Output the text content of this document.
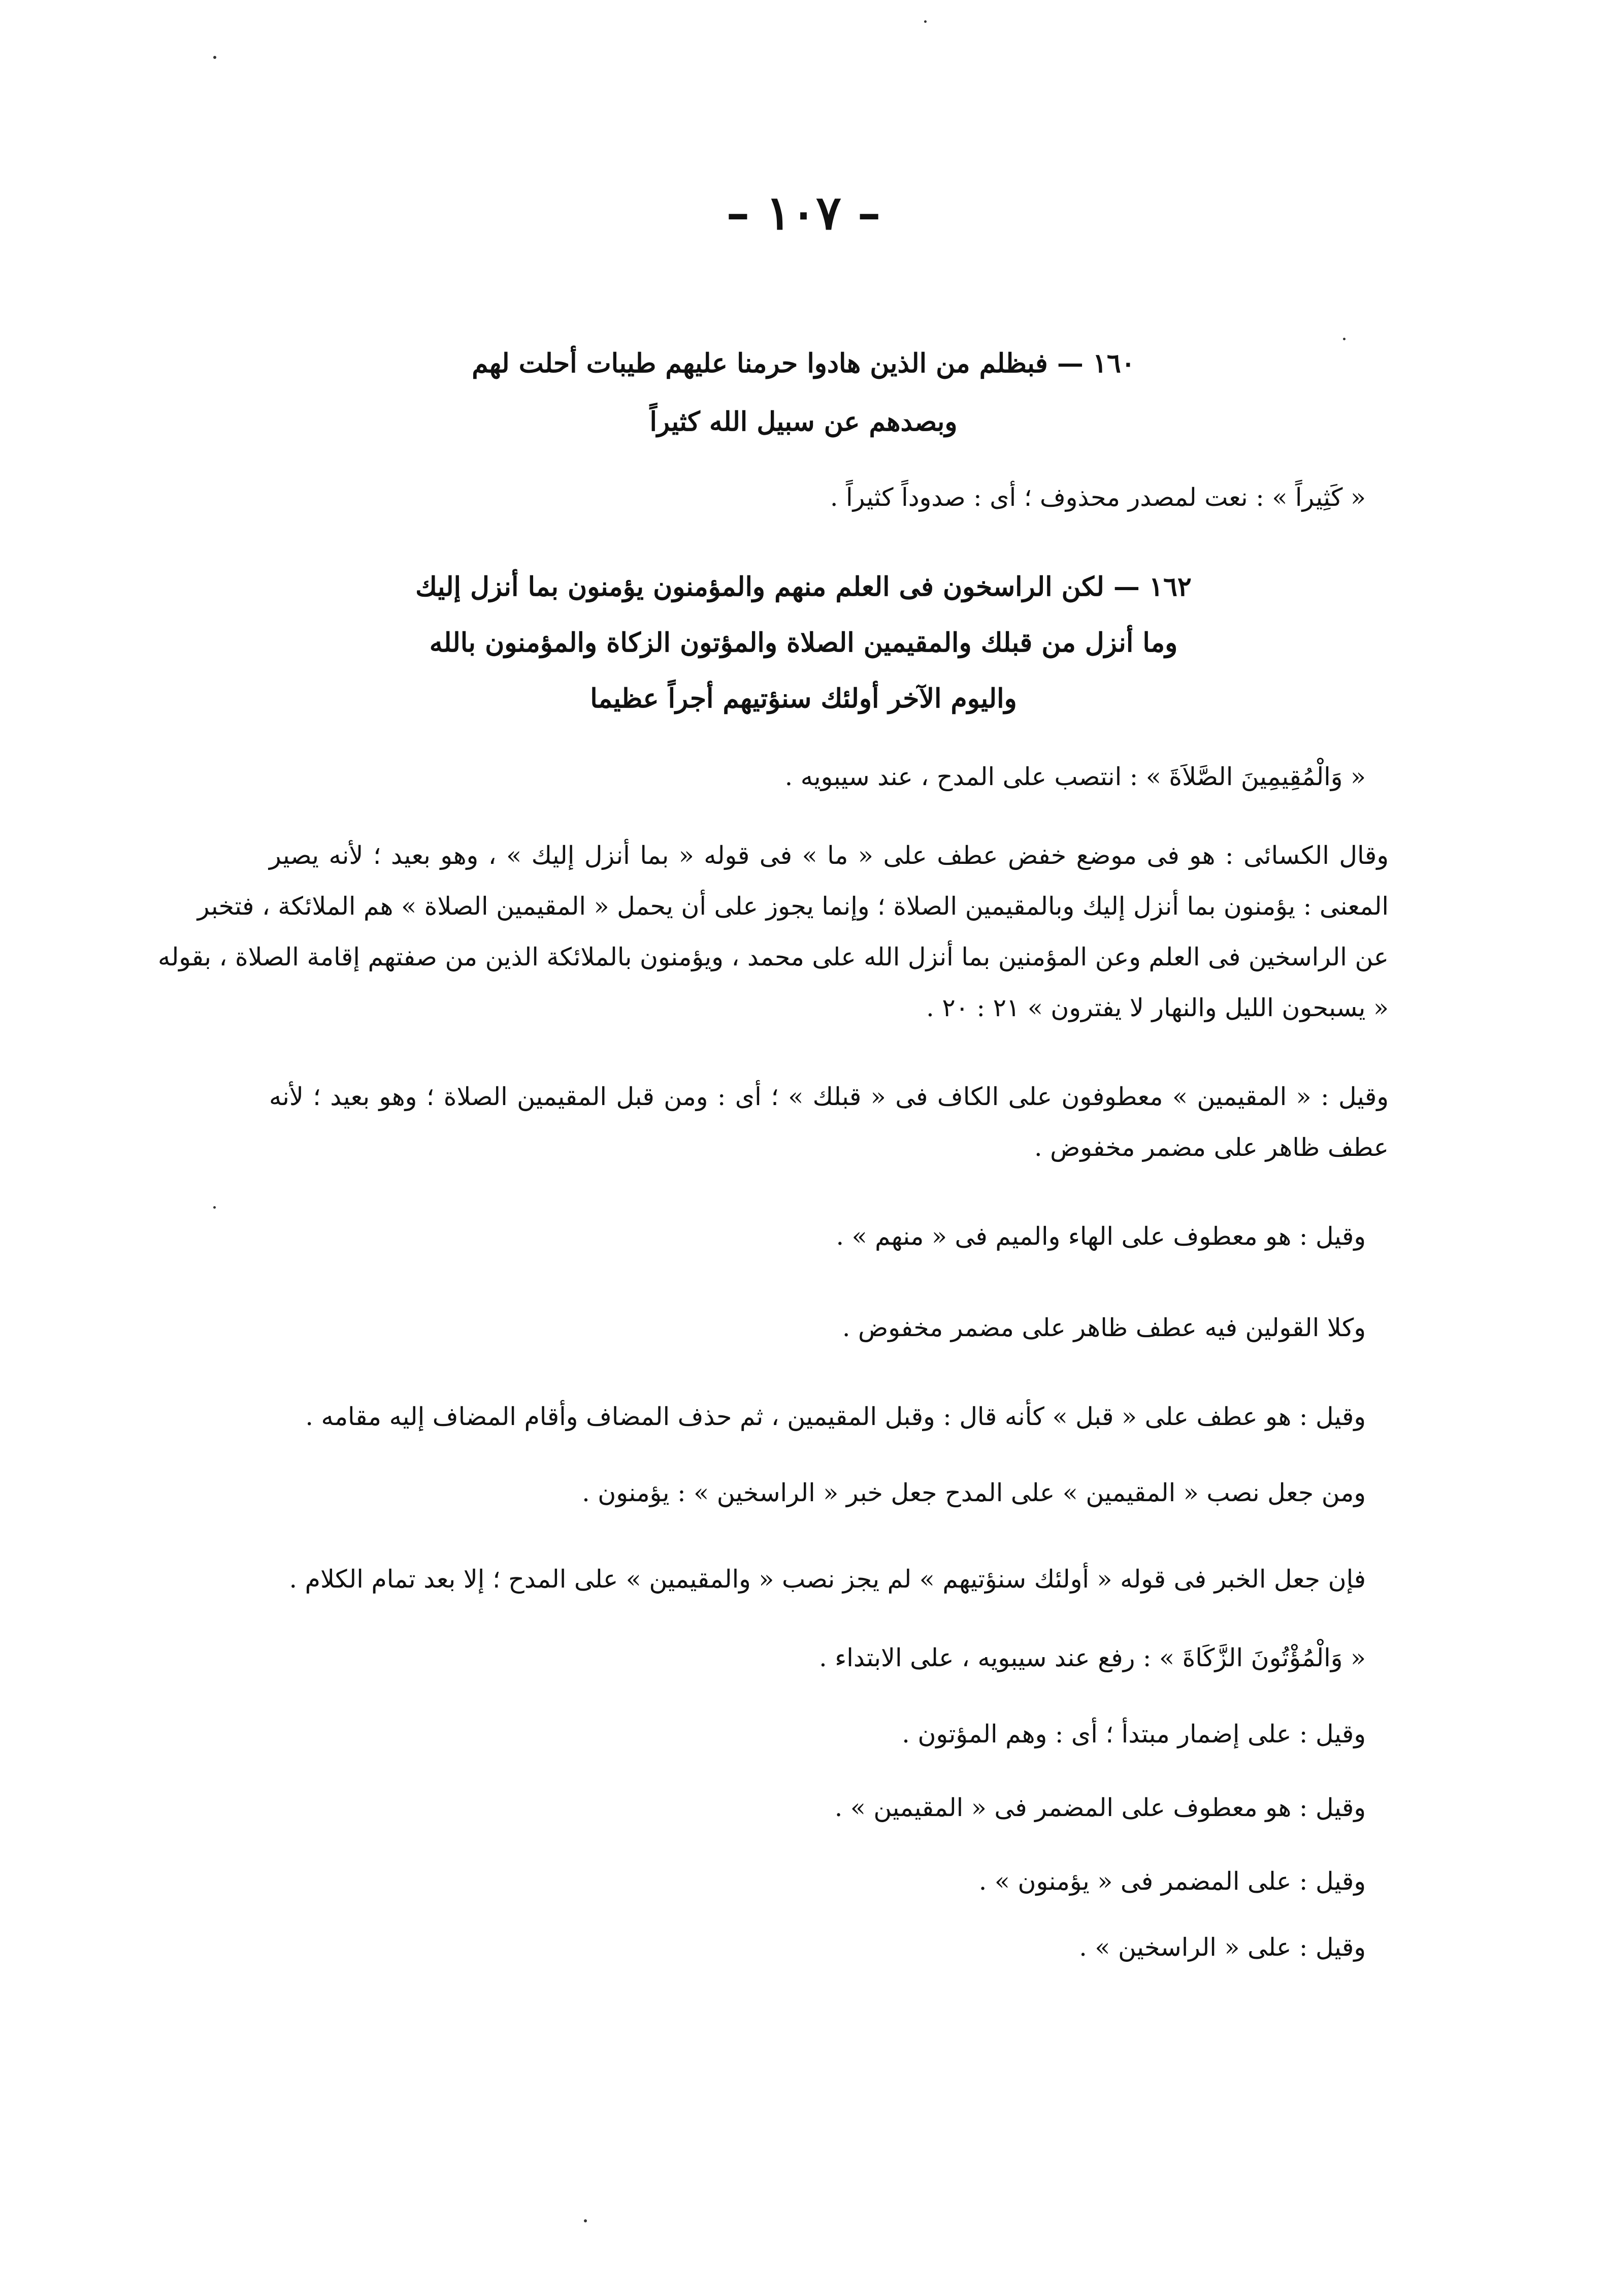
– ١٠٧ –
١٦٠ — فبظلم من الذين هادوا حرمنا عليهم طيبات أحلت لهم
وبصدهم عن سبيل الله كثيراً
« كَثِيراً » : نعت لمصدر محذوف ؛ أى : صدوداً كثيراً .
١٦٢ — لكن الراسخون فى العلم منهم والمؤمنون يؤمنون بما أنزل إليك
وما أنزل من قبلك والمقيمين الصلاة والمؤتون الزكاة والمؤمنون بالله
واليوم الآخر أولئك سنؤتيهم أجراً عظيما
« وَالْمُقِيمِينَ الصَّلاَةَ » : انتصب على المدح ، عند سيبويه .
وقال الكسائى : هو فى موضع خفض عطف على « ما » فى قوله « بما أنزل إليك » ، وهو بعيد ؛ لأنه يصير
المعنى : يؤمنون بما أنزل إليك وبالمقيمين الصلاة ؛ وإنما يجوز على أن يحمل « المقيمين الصلاة » هم الملائكة ، فتخبر
عن الراسخين فى العلم وعن المؤمنين بما أنزل الله على محمد ، ويؤمنون بالملائكة الذين من صفتهم إقامة الصلاة ، بقوله
« يسبحون الليل والنهار لا يفترون » ٢١ : ٢٠ .
وقيل : « المقيمين » معطوفون على الكاف فى « قبلك » ؛ أى : ومن قبل المقيمين الصلاة ؛ وهو بعيد ؛ لأنه
عطف ظاهر على مضمر مخفوض .
وقيل : هو معطوف على الهاء والميم فى « منهم » .
وكلا القولين فيه عطف ظاهر على مضمر مخفوض .
وقيل : هو عطف على « قبل » كأنه قال : وقبل المقيمين ، ثم حذف المضاف وأقام المضاف إليه مقامه .
ومن جعل نصب « المقيمين » على المدح جعل خبر « الراسخين » : يؤمنون .
فإن جعل الخبر فى قوله « أولئك سنؤتيهم » لم يجز نصب « والمقيمين » على المدح ؛ إلا بعد تمام الكلام .
« وَالْمُؤْتُونَ الزَّكَاةَ » : رفع عند سيبويه ، على الابتداء .
وقيل : على إضمار مبتدأ ؛ أى : وهم المؤتون .
وقيل : هو معطوف على المضمر فى « المقيمين » .
وقيل : على المضمر فى « يؤمنون » .
وقيل : على « الراسخين » .
